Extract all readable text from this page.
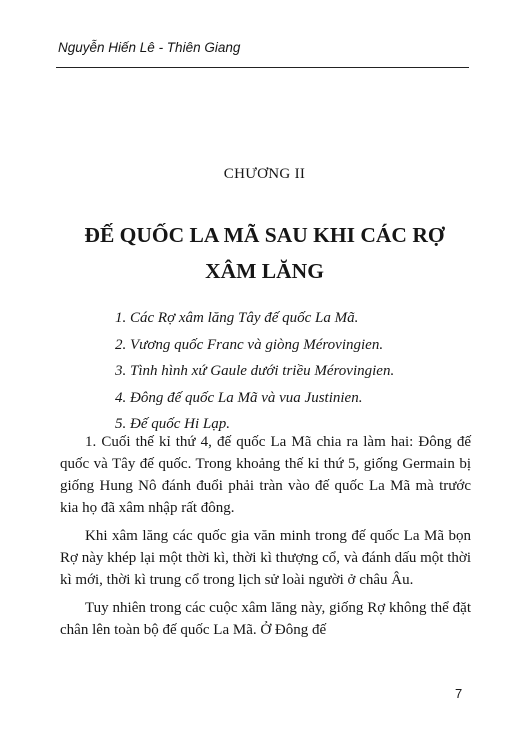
Nguyễn Hiến Lê - Thiên Giang
CHƯƠNG II
ĐẾ QUỐC LA MÃ SAU KHI CÁC RỢ
XÂM LĂNG
1. Các Rợ xâm lăng Tây đế quốc La Mã.
2. Vương quốc Franc và giòng Mérovingien.
3. Tình hình xứ Gaule dưới triều Mérovingien.
4. Đông đế quốc La Mã và vua Justinien.
5. Đế quốc Hi Lạp.

1. Cuối thế kỉ thứ 4, đế quốc La Mã chia ra làm hai: Đông đế quốc và Tây đế quốc. Trong khoảng thế kỉ thứ 5, giống Germain bị giống Hung Nô đánh đuổi phải tràn vào đế quốc La Mã mà trước kia họ đã xâm nhập rất đông.

Khi xâm lăng các quốc gia văn minh trong đế quốc La Mã bọn Rợ này khép lại một thời kì, thời kì thượng cổ, và đánh dấu một thời kì mới, thời kì trung cổ trong lịch sử loài người ở châu Âu.

Tuy nhiên trong các cuộc xâm lăng này, giống Rợ không thể đặt chân lên toàn bộ đế quốc La Mã. Ở Đông đế

7
